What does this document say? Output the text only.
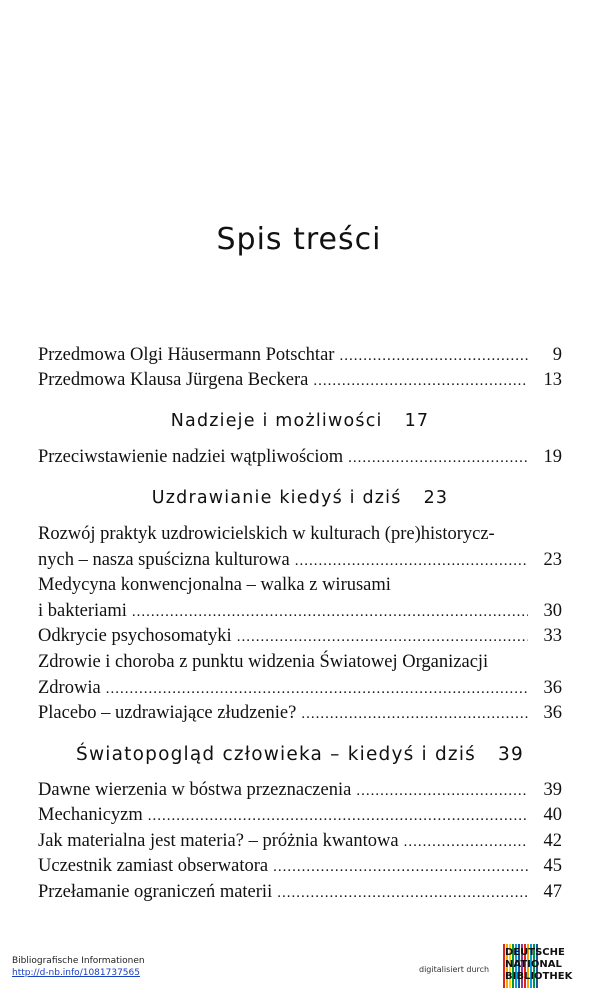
Spis treści
Przedmowa Olgi Häusermann Potschtar .....	9
Przedmowa Klausa Jürgena Beckera .....	13
Nadzieje i możliwości 17
Przeciwstawienie nadziei wątpliwościom .....	19
Uzdrawianie kiedyś i dziś 23
Rozwój praktyk uzdrowicielskich w kulturach (pre)historycz-
nych – nasza spuścizna kulturowa .....	23
Medycyna konwencjonalna – walka z wirusami
i bakteriami .....	30
Odkrycie psychosomatyki .....	33
Zdrowie i choroba z punktu widzenia Światowej Organizacji
Zdrowia .....	36
Placebo – uzdrawiające złudzenie? .....	36
Światopogląd człowieka – kiedyś i dziś 39
Dawne wierzenia w bóstwa przeznaczenia .....	39
Mechanicyzm .....	40
Jak materialna jest materia? – próżnia kwantowa .....	42
Uczestnik zamiast obserwatora .....	45
Przełamanie ograniczeń materii .....	47
Bibliografische Informationen
http://d-nb.info/1081737565	digitalisiert durch
DEUTSCHE
NATIONAL
BIBLIOTHEK
